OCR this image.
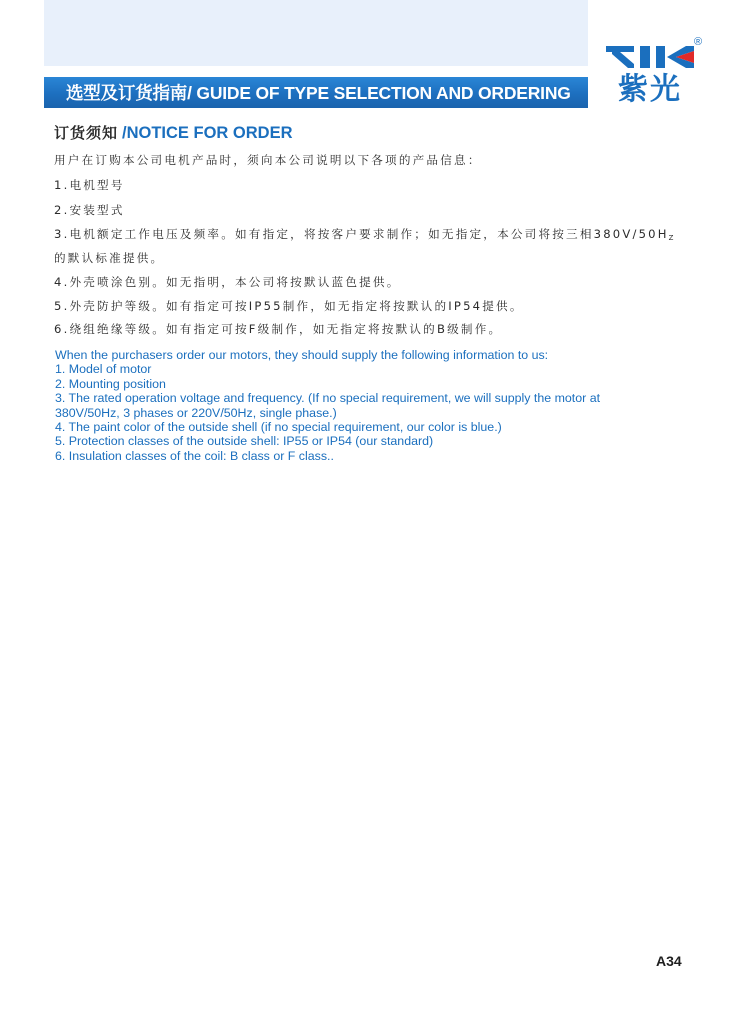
选型及订货指南/ GUIDE OF TYPE SELECTION AND ORDERING
®
紫光
订货须知 /NOTICE FOR ORDER
用户在订购本公司电机产品时，须向本公司说明以下各项的产品信息：
1.电机型号
2.安装型式
3.电机额定工作电压及频率。如有指定，将按客户要求制作；如无指定，本公司将按三相380V/50HZ
的默认标准提供。
4.外壳喷涂色别。如无指明，本公司将按默认蓝色提供。
5.外壳防护等级。如有指定可按IP55制作，如无指定将按默认的IP54提供。
6.绕组绝缘等级。如有指定可按F级制作，如无指定将按默认的B级制作。
When the purchasers order our motors, they should supply the following information to us:
1. Model of motor
2. Mounting position
3. The rated operation voltage and frequency. (If no special requirement, we will supply the motor at
380V/50Hz, 3 phases or 220V/50Hz, single phase.)
4. The paint color of the outside shell (if no special requirement, our color is blue.)
5. Protection classes of the outside shell: IP55 or IP54 (our standard)
6. Insulation classes of the coil: B class or F class..
A34
